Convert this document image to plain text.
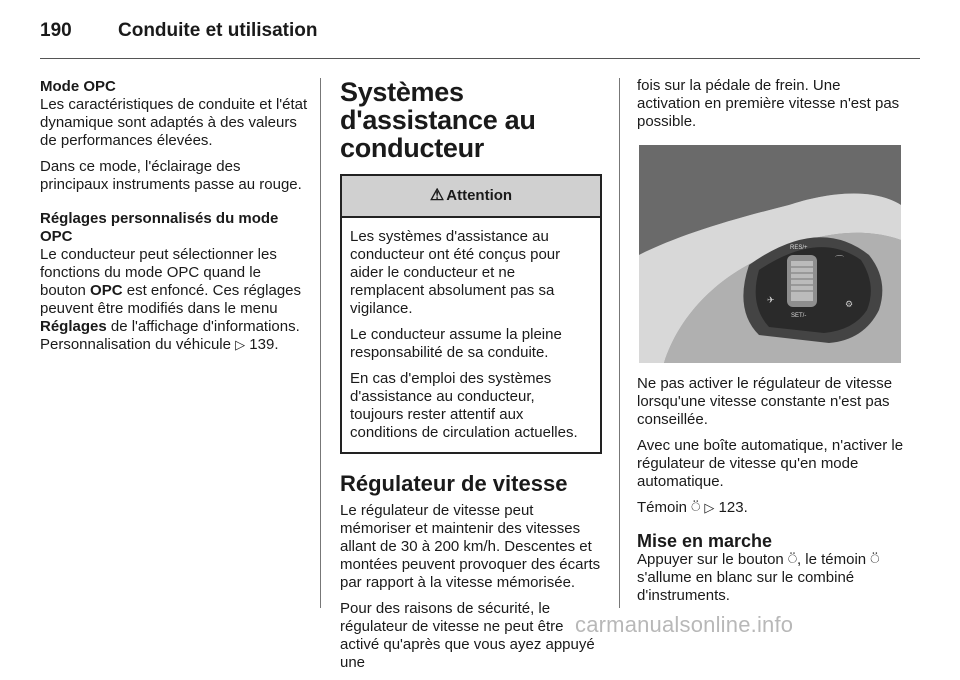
190 Conduite et utilisation
Mode OPC

Les caractéristiques de conduite et l'état dynamique sont adaptés à des valeurs de performances élevées.

Dans ce mode, l'éclairage des principaux instruments passe au rouge.

Réglages personnalisés du mode OPC

Le conducteur peut sélectionner les fonctions du mode OPC quand le bouton OPC est enfoncé. Ces réglages peuvent être modifiés dans le menu Réglages de l'affichage d'informations. Personnalisation du véhicule ▷ 139.

Systèmes d'assistance au conducteur
⚠ Attention

Les systèmes d'assistance au conducteur ont été conçus pour aider le conducteur et ne remplacent absolument pas sa vigilance.

Le conducteur assume la pleine responsabilité de sa conduite.

En cas d'emploi des systèmes d'assistance au conducteur, toujours rester attentif aux conditions de circulation actuelles.

Régulateur de vitesse

Le régulateur de vitesse peut mémoriser et maintenir des vitesses allant de 30 à 200 km/h. Descentes et montées peuvent provoquer des écarts par rapport à la vitesse mémorisée.

Pour des raisons de sécurité, le régulateur de vitesse ne peut être activé qu'après que vous ayez appuyé une

fois sur la pédale de frein. Une activation en première vitesse n'est pas possible.

RES/+
SET/-
✈
⌒
⚙

Ne pas activer le régulateur de vitesse lorsqu'une vitesse constante n'est pas conseillée.

Avec une boîte automatique, n'activer le régulateur de vitesse qu'en mode automatique.

Témoin ⍥ ▷ 123.

Mise en marche

Appuyer sur le bouton ⍥, le témoin ⍥ s'allume en blanc sur le combiné d'instruments.

carmanualsonline.info
